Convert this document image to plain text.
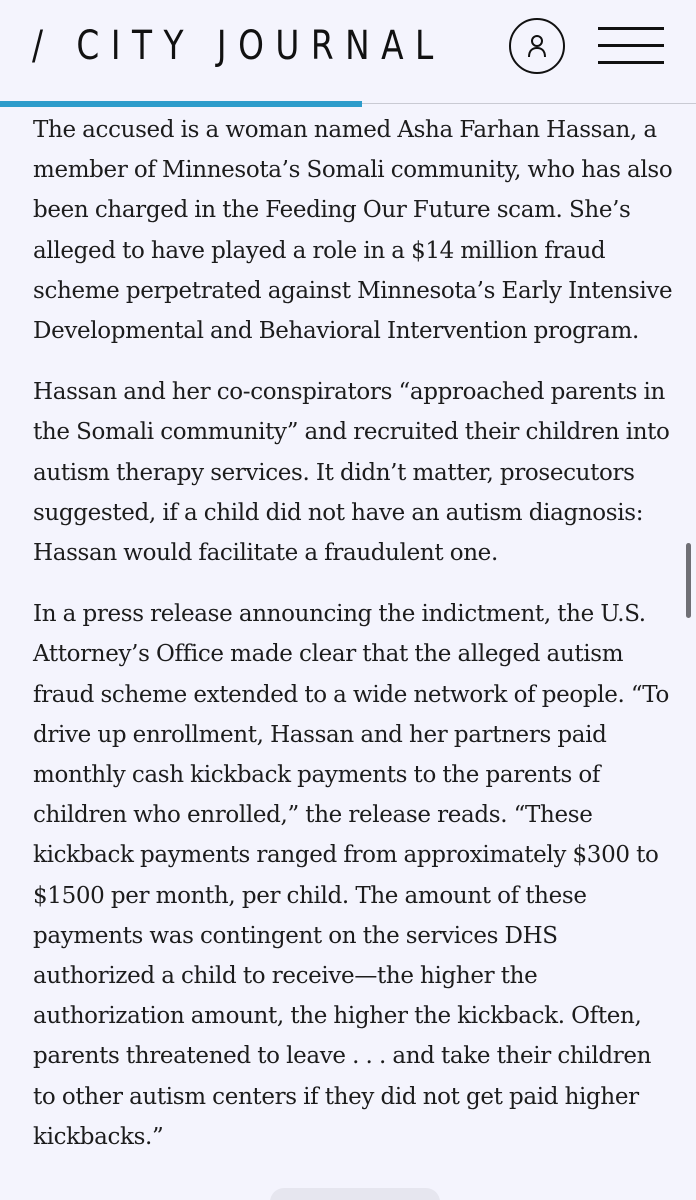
/ CITY JOURNAL

The accused is a woman named Asha Farhan Hassan, a member of Minnesota’s Somali community, who has also been charged in the Feeding Our Future scam. She’s alleged to have played a role in a $14 million fraud scheme perpetrated against Minnesota’s Early Intensive Developmental and Behavioral Intervention program.

Hassan and her co-conspirators “approached parents in the Somali community” and recruited their children into autism therapy services. It didn’t matter, prosecutors suggested, if a child did not have an autism diagnosis: Hassan would facilitate a fraudulent one.

In a press release announcing the indictment, the U.S. Attorney’s Office made clear that the alleged autism fraud scheme extended to a wide network of people. “To drive up enrollment, Hassan and her partners paid monthly cash kickback payments to the parents of children who enrolled,” the release reads. “These kickback payments ranged from approximately $300 to $1500 per month, per child. The amount of these payments was contingent on the services DHS authorized a child to receive—the higher the authorization amount, the higher the kickback. Often, parents threatened to leave . . . and take their children to other autism centers if they did not get paid higher kickbacks.”
